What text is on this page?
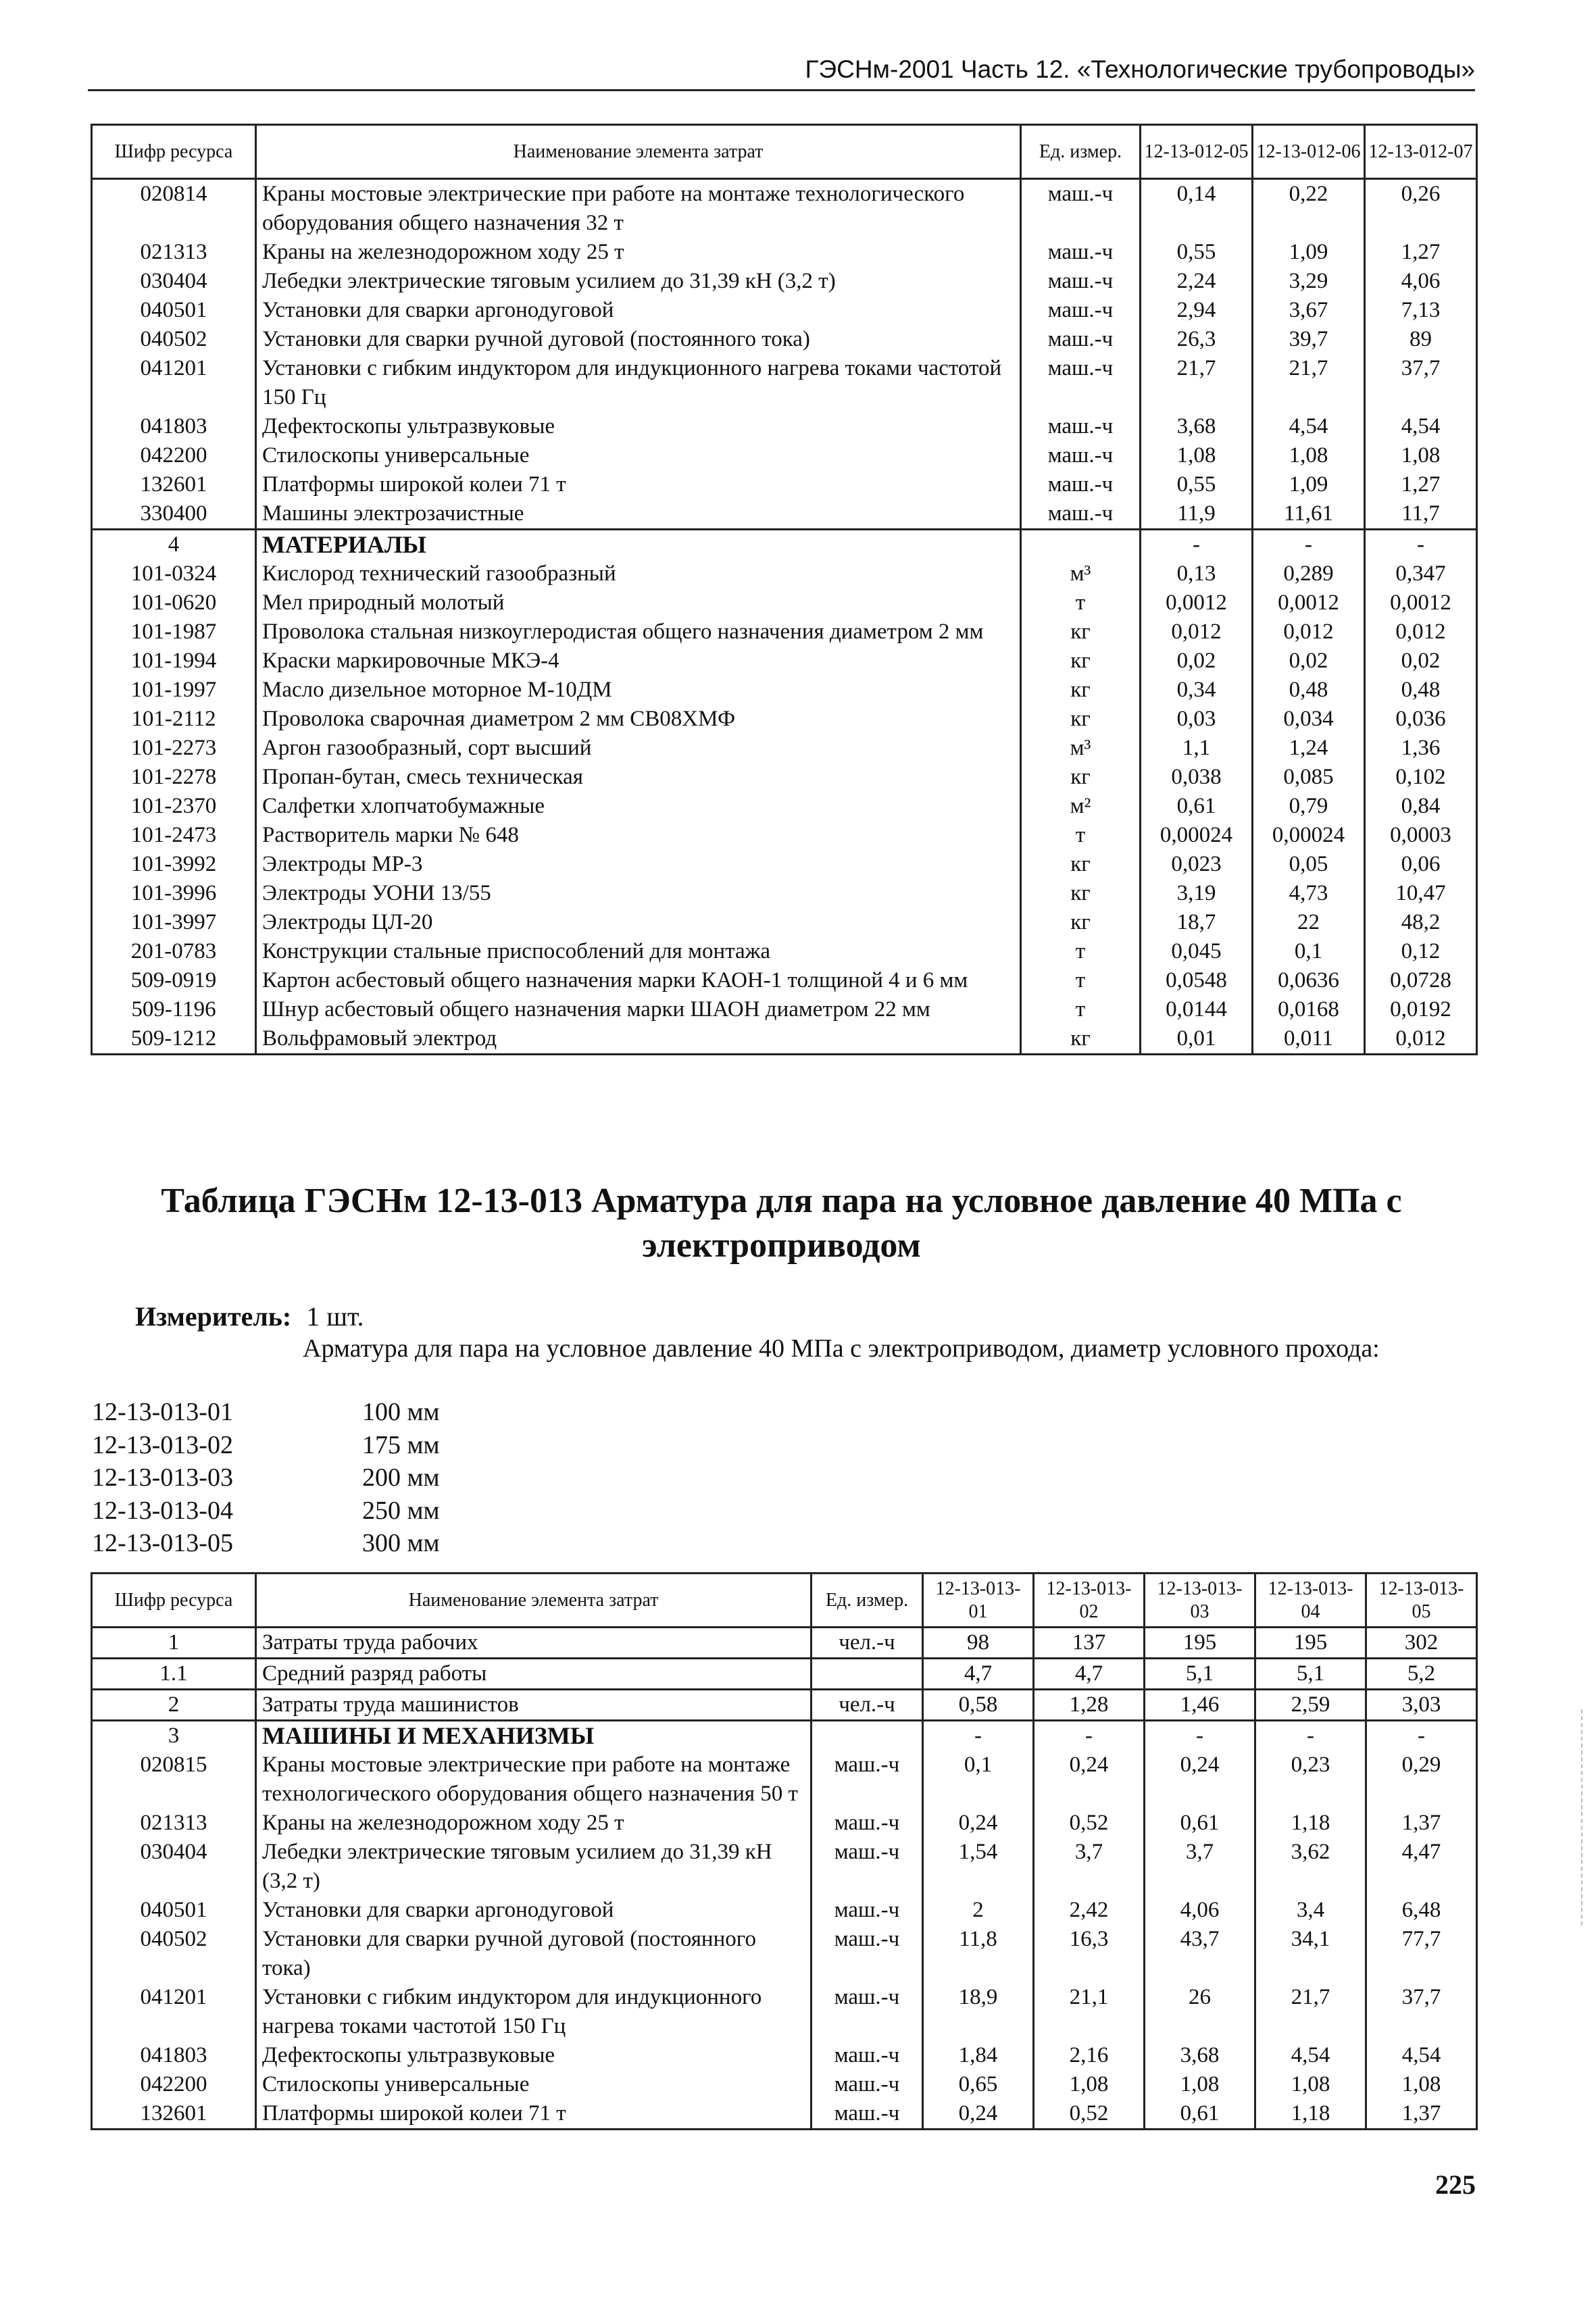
ГЭСНм-2001 Часть 12. «Технологические трубопроводы»
Шифр ресурса	Наименование элемента затрат	Ед. измер.	12-13-012-05	12-13-012-06	12-13-012-07
020814	Краны мостовые электрические при работе на монтаже технологического оборудования общего назначения 32 т	маш.-ч	0,14	0,22	0,26
021313	Краны на железнодорожном ходу 25 т	маш.-ч	0,55	1,09	1,27
030404	Лебедки электрические тяговым усилием до 31,39 кН (3,2 т)	маш.-ч	2,24	3,29	4,06
040501	Установки для сварки аргонодуговой	маш.-ч	2,94	3,67	7,13
040502	Установки для сварки ручной дуговой (постоянного тока)	маш.-ч	26,3	39,7	89
041201	Установки с гибким индуктором для индукционного нагрева токами частотой 150 Гц	маш.-ч	21,7	21,7	37,7
041803	Дефектоскопы ультразвуковые	маш.-ч	3,68	4,54	4,54
042200	Стилоскопы универсальные	маш.-ч	1,08	1,08	1,08
132601	Платформы широкой колеи 71 т	маш.-ч	0,55	1,09	1,27
330400	Машины электрозачистные	маш.-ч	11,9	11,61	11,7
4	МАТЕРИАЛЫ		-	-	-
101-0324	Кислород технический газообразный	м³	0,13	0,289	0,347
101-0620	Мел природный молотый	т	0,0012	0,0012	0,0012
101-1987	Проволока стальная низкоуглеродистая общего назначения диаметром 2 мм	кг	0,012	0,012	0,012
101-1994	Краски маркировочные МКЭ-4	кг	0,02	0,02	0,02
101-1997	Масло дизельное моторное М-10ДМ	кг	0,34	0,48	0,48
101-2112	Проволока сварочная диаметром 2 мм СВ08ХМФ	кг	0,03	0,034	0,036
101-2273	Аргон газообразный, сорт высший	м³	1,1	1,24	1,36
101-2278	Пропан-бутан, смесь техническая	кг	0,038	0,085	0,102
101-2370	Салфетки хлопчатобумажные	м²	0,61	0,79	0,84
101-2473	Растворитель марки № 648	т	0,00024	0,00024	0,0003
101-3992	Электроды МР-3	кг	0,023	0,05	0,06
101-3996	Электроды УОНИ 13/55	кг	3,19	4,73	10,47
101-3997	Электроды ЦЛ-20	кг	18,7	22	48,2
201-0783	Конструкции стальные приспособлений для монтажа	т	0,045	0,1	0,12
509-0919	Картон асбестовый общего назначения марки КАОН-1 толщиной 4 и 6 мм	т	0,0548	0,0636	0,0728
509-1196	Шнур асбестовый общего назначения марки ШАОН диаметром 22 мм	т	0,0144	0,0168	0,0192
509-1212	Вольфрамовый электрод	кг	0,01	0,011	0,012
Таблица ГЭСНм 12-13-013 Арматура для пара на условное давление 40 МПа с электроприводом
Измеритель: 1 шт.
Арматура для пара на условное давление 40 МПа с электроприводом, диаметр условного прохода:
12-13-013-01	100 мм
12-13-013-02	175 мм
12-13-013-03	200 мм
12-13-013-04	250 мм
12-13-013-05	300 мм
Шифр ресурса	Наименование элемента затрат	Ед. измер.	12-13-013-01	12-13-013-02	12-13-013-03	12-13-013-04	12-13-013-05
1	Затраты труда рабочих	чел.-ч	98	137	195	195	302
1.1	Средний разряд работы		4,7	4,7	5,1	5,1	5,2
2	Затраты труда машинистов	чел.-ч	0,58	1,28	1,46	2,59	3,03
3	МАШИНЫ И МЕХАНИЗМЫ		-	-	-	-	-
020815	Краны мостовые электрические при работе на монтаже технологического оборудования общего назначения 50 т	маш.-ч	0,1	0,24	0,24	0,23	0,29
021313	Краны на железнодорожном ходу 25 т	маш.-ч	0,24	0,52	0,61	1,18	1,37
030404	Лебедки электрические тяговым усилием до 31,39 кН (3,2 т)	маш.-ч	1,54	3,7	3,7	3,62	4,47
040501	Установки для сварки аргонодуговой	маш.-ч	2	2,42	4,06	3,4	6,48
040502	Установки для сварки ручной дуговой (постоянного тока)	маш.-ч	11,8	16,3	43,7	34,1	77,7
041201	Установки с гибким индуктором для индукционного нагрева токами частотой 150 Гц	маш.-ч	18,9	21,1	26	21,7	37,7
041803	Дефектоскопы ультразвуковые	маш.-ч	1,84	2,16	3,68	4,54	4,54
042200	Стилоскопы универсальные	маш.-ч	0,65	1,08	1,08	1,08	1,08
132601	Платформы широкой колеи 71 т	маш.-ч	0,24	0,52	0,61	1,18	1,37
225
